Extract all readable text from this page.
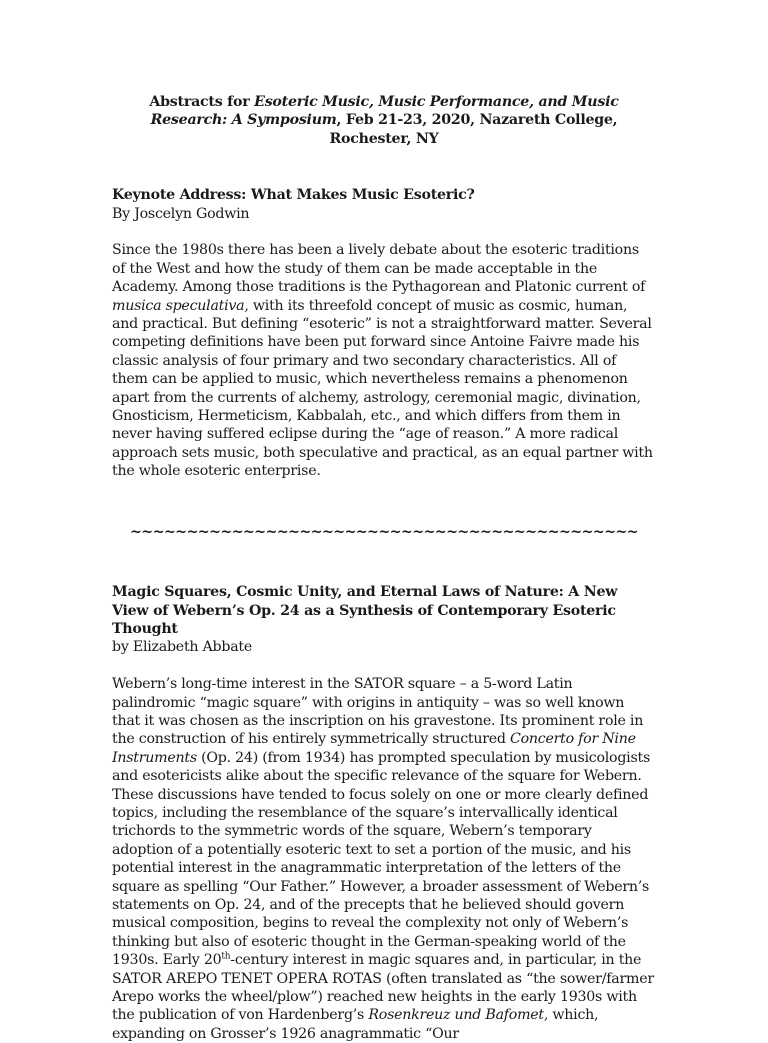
Abstracts for Esoteric Music, Music Performance, and Music Research: A Symposium, Feb 21-23, 2020, Nazareth College, Rochester, NY
Keynote Address: What Makes Music Esoteric?
By Joscelyn Godwin

Since the 1980s there has been a lively debate about the esoteric traditions of the West and how the study of them can be made acceptable in the Academy. Among those traditions is the Pythagorean and Platonic current of musica speculativa, with its threefold concept of music as cosmic, human, and practical. But defining “esoteric” is not a straightforward matter. Several competing definitions have been put forward since Antoine Faivre made his classic analysis of four primary and two secondary characteristics. All of them can be applied to music, which nevertheless remains a phenomenon apart from the currents of alchemy, astrology, ceremonial magic, divination, Gnosticism, Hermeticism, Kabbalah, etc., and which differs from them in never having suffered eclipse during the “age of reason.” A more radical approach sets music, both speculative and practical, as an equal partner with the whole esoteric enterprise.

~~~~~~~~~~~~~~~~~~~~~~~~~~~~~~~~~~~~~~~~~~~~~
Magic Squares, Cosmic Unity, and Eternal Laws of Nature: A New View of Webern’s Op. 24 as a Synthesis of Contemporary Esoteric Thought
by Elizabeth Abbate

Webern’s long-time interest in the SATOR square – a 5-word Latin palindromic “magic square” with origins in antiquity – was so well known that it was chosen as the inscription on his gravestone. Its prominent role in the construction of his entirely symmetrically structured Concerto for Nine Instruments (Op. 24) (from 1934) has prompted speculation by musicologists and esotericists alike about the specific relevance of the square for Webern. These discussions have tended to focus solely on one or more clearly defined topics, including the resemblance of the square’s intervallically identical trichords to the symmetric words of the square, Webern’s temporary adoption of a potentially esoteric text to set a portion of the music, and his potential interest in the anagrammatic interpretation of the letters of the square as spelling “Our Father.” However, a broader assessment of Webern’s statements on Op. 24, and of the precepts that he believed should govern musical composition, begins to reveal the complexity not only of Webern’s thinking but also of esoteric thought in the German-speaking world of the 1930s. Early 20th-century interest in magic squares and, in particular, in the SATOR AREPO TENET OPERA ROTAS (often translated as “the sower/farmer Arepo works the wheel/plow”) reached new heights in the early 1930s with the publication of von Hardenberg’s Rosenkreuz und Bafomet, which, expanding on Grosser’s 1926 anagrammatic “Our
